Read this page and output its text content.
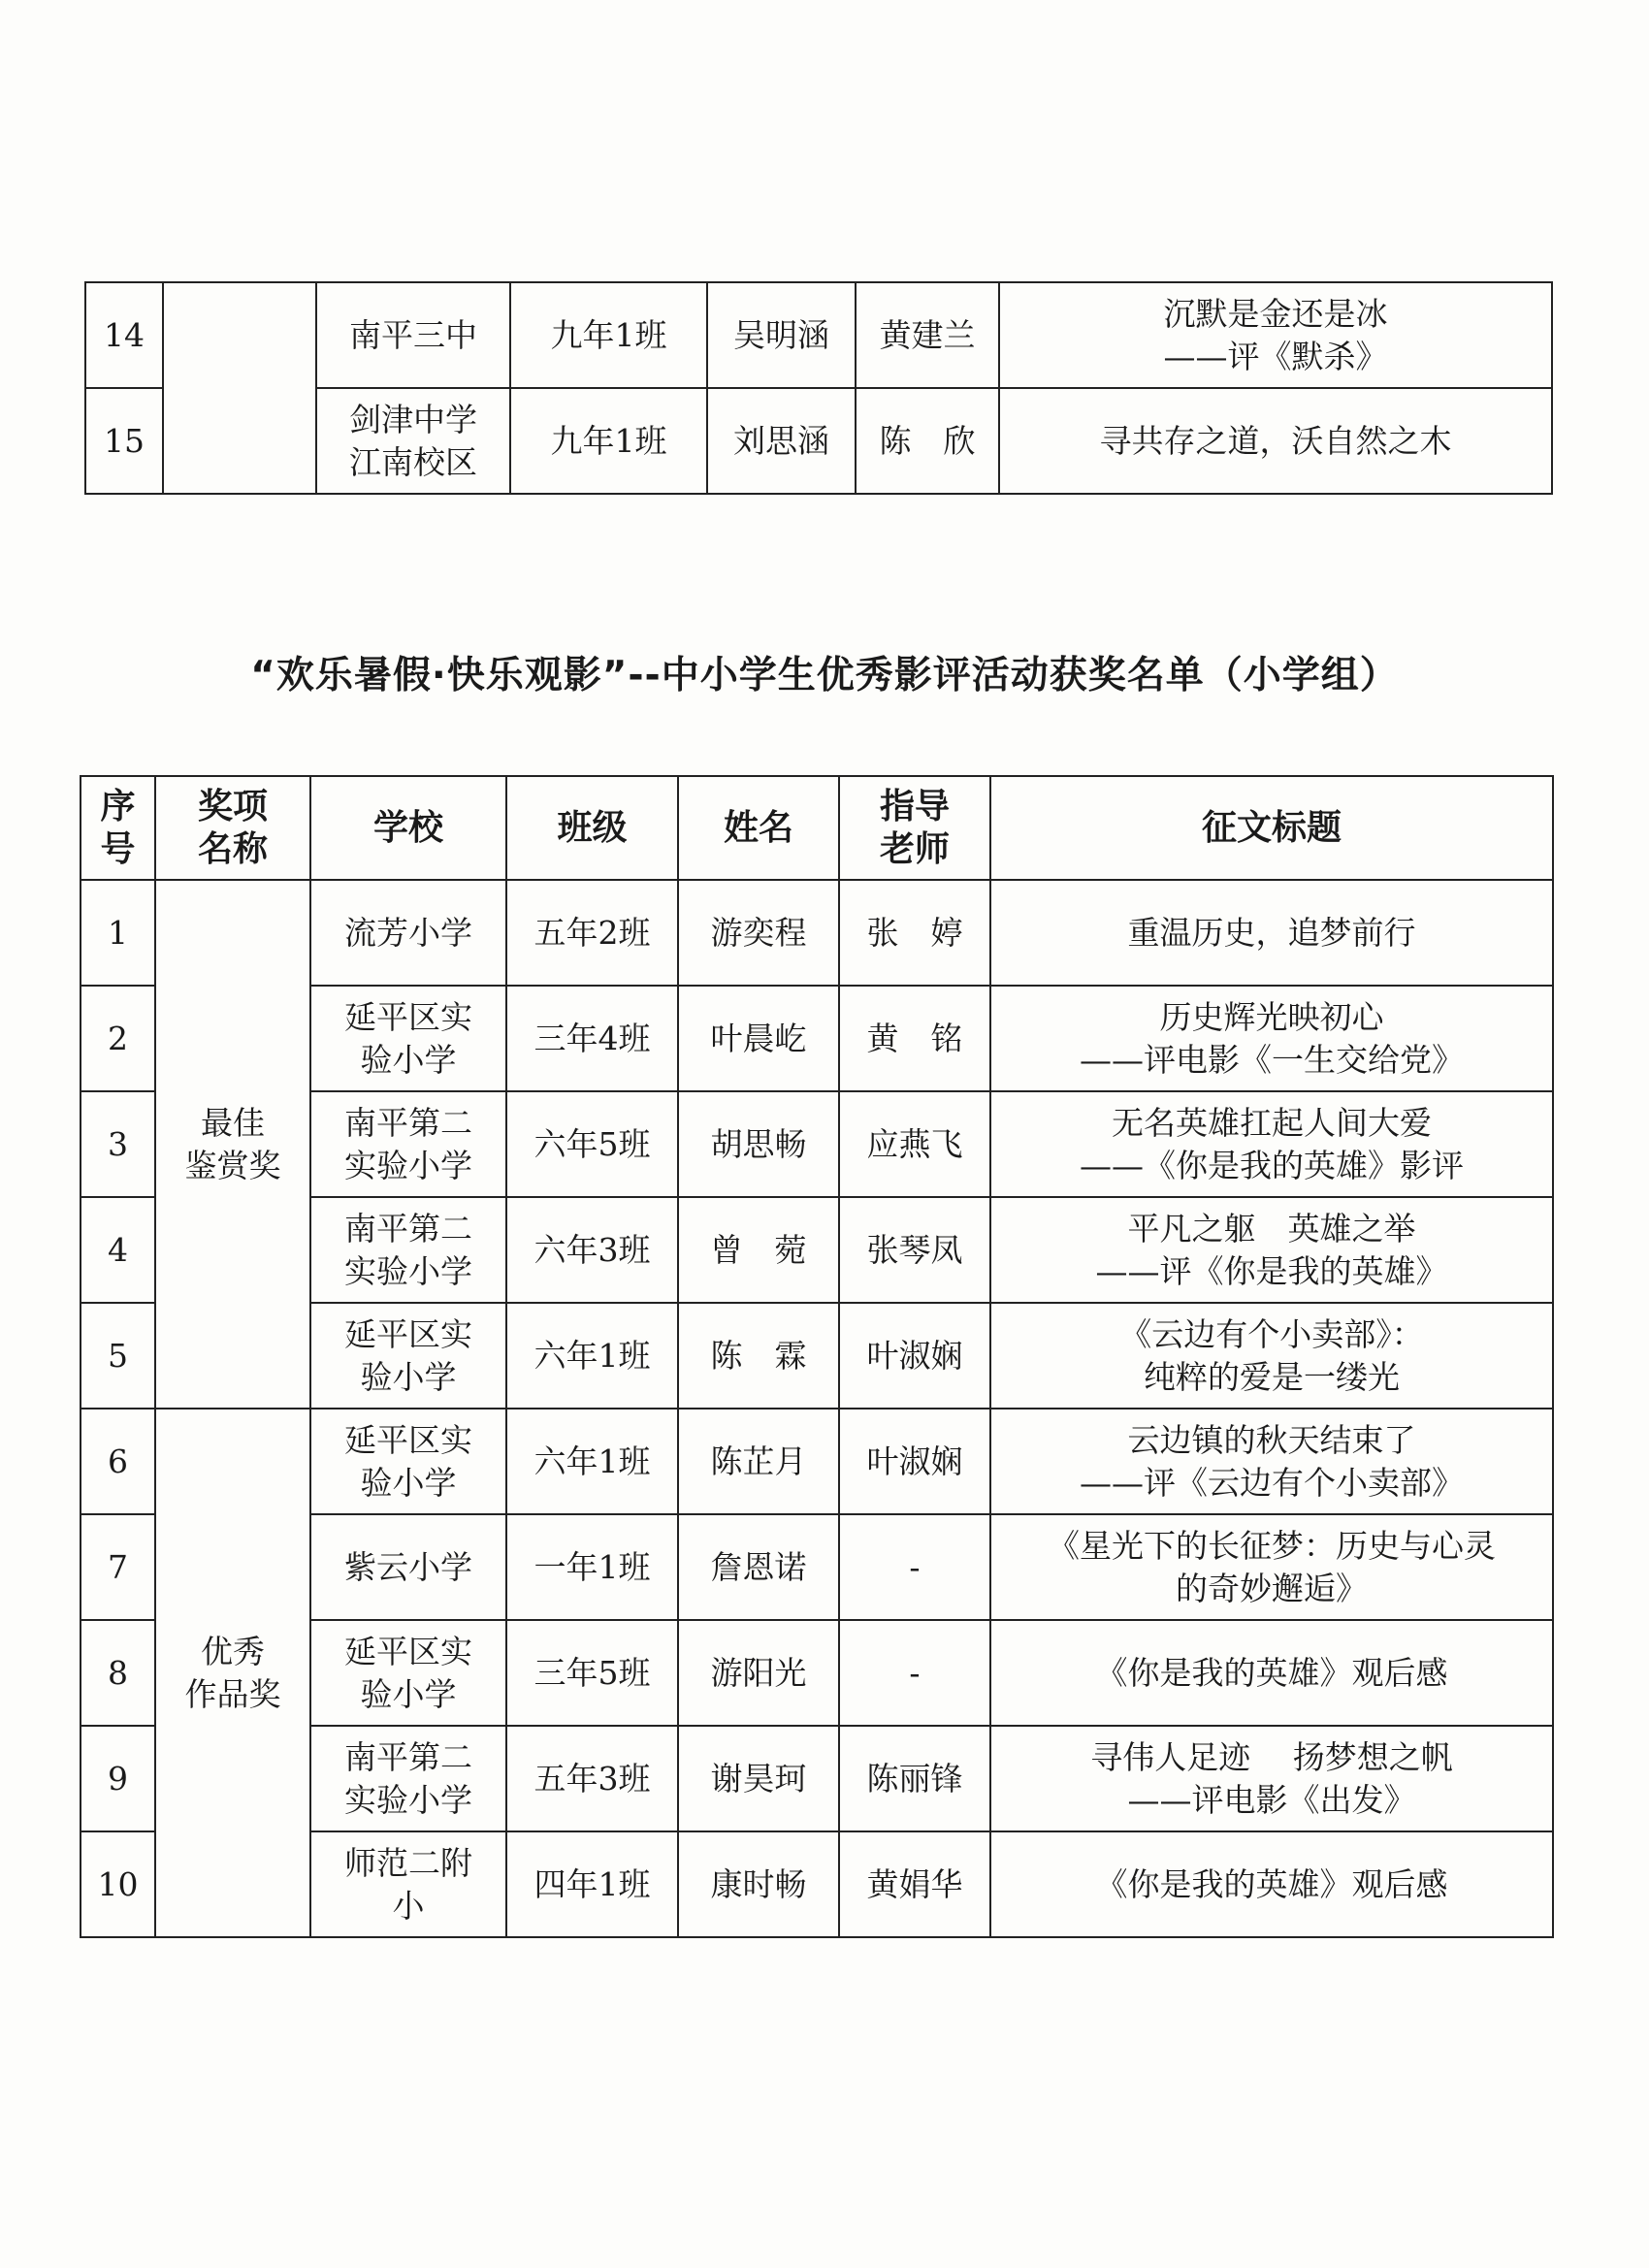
14		南平三中	九年1班	吴明涵	黄建兰	沉默是金还是冰
——评《默杀》

15		剑津中学
江南校区	九年1班	刘思涵	陈　欣	寻共存之道，沃自然之木
“欢乐暑假·快乐观影”--中小学生优秀影评活动获奖名单（小学组）
序
号	奖项
名称	学校	班级	姓名	指导
老师	征文标题
1	最佳
鉴赏奖	流芳小学	五年2班	游奕程	张　婷	重温历史，追梦前行

2		延平区实
验小学	三年4班	叶晨屹	黄　铭	历史辉光映初心
——评电影《一生交给党》

3		南平第二
实验小学	六年5班	胡思畅	应燕飞	无名英雄扛起人间大爱
——《你是我的英雄》影评

4		南平第二
实验小学	六年3班	曾　菀	张琴凤	平凡之躯　英雄之举
——评《你是我的英雄》

5		延平区实
验小学	六年1班	陈　霖	叶淑娴	《云边有个小卖部》：
纯粹的爱是一缕光

6	优秀
作品奖	延平区实
验小学	六年1班	陈芷月	叶淑娴	云边镇的秋天结束了
——评《云边有个小卖部》

7		紫云小学	一年1班	詹恩诺	-	《星光下的长征梦：历史与心灵
的奇妙邂逅》

8		延平区实
验小学	三年5班	游阳光	-	《你是我的英雄》观后感

9		南平第二
实验小学	五年3班	谢昊珂	陈丽锋	寻伟人足迹　 扬梦想之帆
——评电影《出发》

10		师范二附
小	四年1班	康时畅	黄娟华	《你是我的英雄》观后感
